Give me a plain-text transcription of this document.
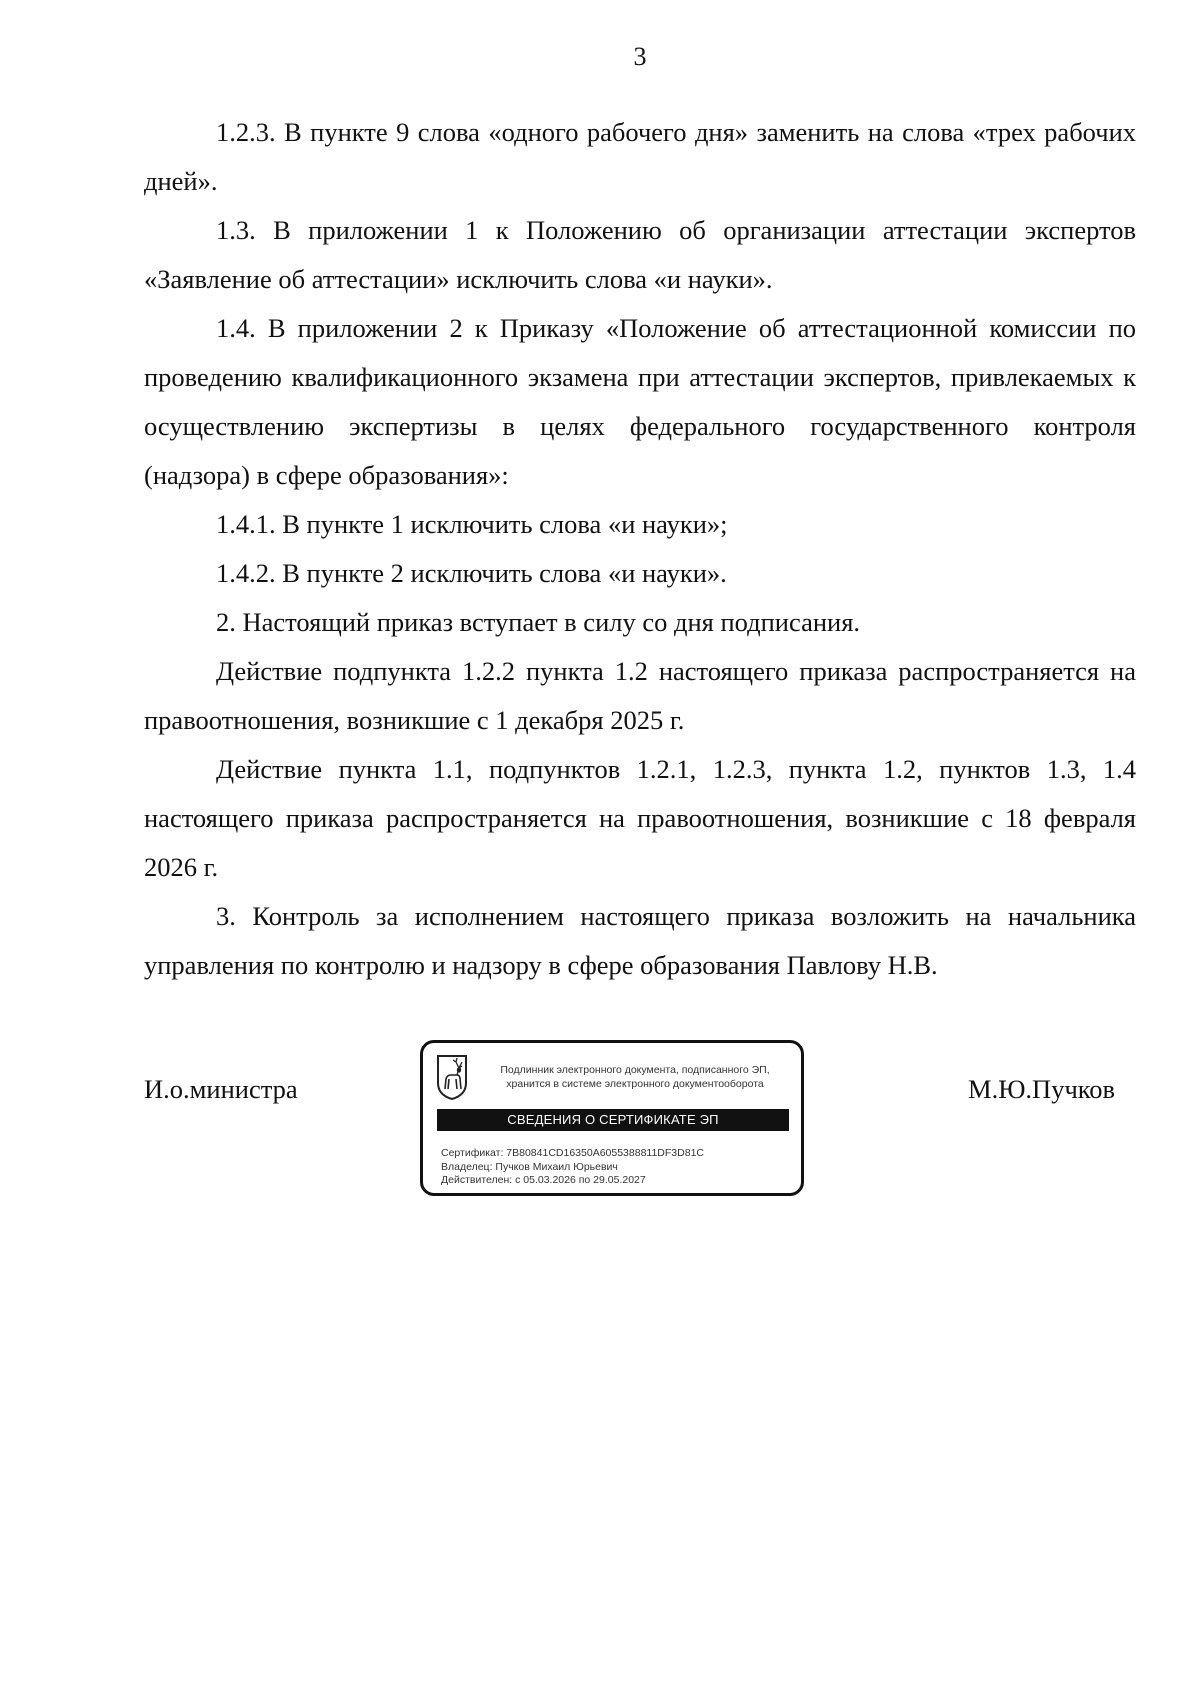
3

1.2.3. В пункте 9 слова «одного рабочего дня» заменить на слова «трех рабочих дней».

1.3. В приложении 1 к Положению об организации аттестации экспертов «Заявление об аттестации» исключить слова «и науки».

1.4. В приложении 2 к Приказу «Положение об аттестационной комиссии по проведению квалификационного экзамена при аттестации экспертов, привлекаемых к осуществлению экспертизы в целях федерального государственного контроля (надзора) в сфере образования»:

1.4.1. В пункте 1 исключить слова «и науки»;

1.4.2. В пункте 2 исключить слова «и науки».

2. Настоящий приказ вступает в силу со дня подписания.

Действие подпункта 1.2.2 пункта 1.2 настоящего приказа распространяется на правоотношения, возникшие с 1 декабря 2025 г.

Действие пункта 1.1, подпунктов 1.2.1, 1.2.3, пункта 1.2, пунктов 1.3, 1.4 настоящего приказа распространяется на правоотношения, возникшие с 18 февраля 2026 г.

3. Контроль за исполнением настоящего приказа возложить на начальника управления по контролю и надзору в сфере образования Павлову Н.В.

И.о.министра
Подлинник электронного документа, подписанного ЭП,
хранится в системе электронного документооборота
СВЕДЕНИЯ О СЕРТИФИКАТЕ ЭП
Сертификат: 7B80841CD16350A6055388811DF3D81C
Владелец: Пучков Михаил Юрьевич
Действителен: с 05.03.2026 по 29.05.2027
М.Ю.Пучков
